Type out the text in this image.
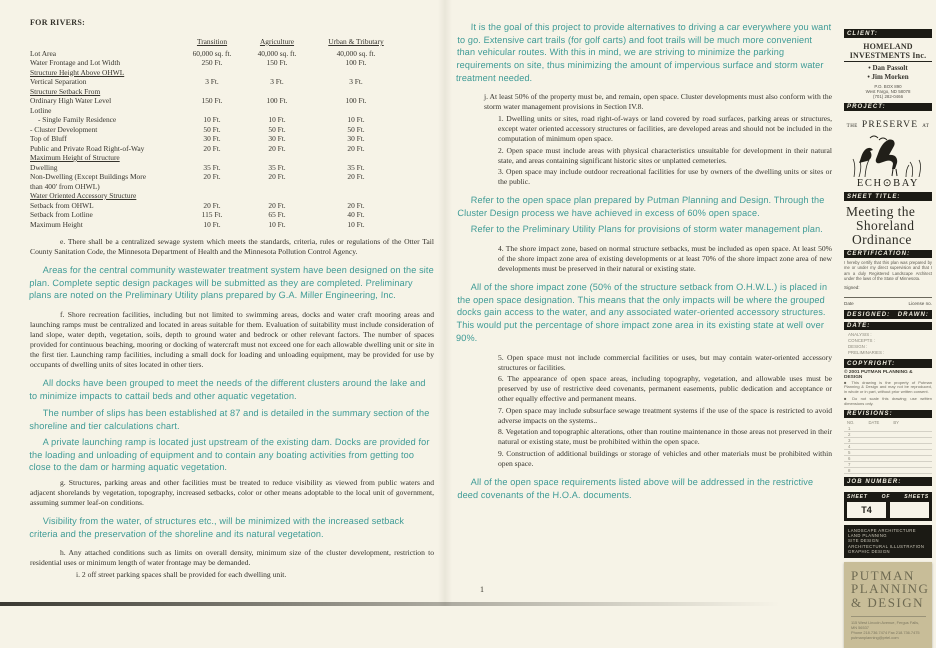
FOR RIVERS:
Transition	Agriculture	Urban & Tributary
Lot Area	60,000 sq. ft.	40,000 sq. ft.	40,000 sq. ft.
Water Frontage and Lot Width	250 Ft.	150 Ft.	100 Ft.
Structure Height Above OHWL
Vertical Separation	3 Ft.	3 Ft.	3 Ft.
Structure Setback From
Ordinary High Water Level	150 Ft.	100 Ft.	100 Ft.
Lotline
- Single Family Residence	10 Ft.	10 Ft.	10 Ft.
- Cluster Development	50 Ft.	50 Ft.	50 Ft.
Top of Bluff	30 Ft.	30 Ft.	30 Ft.
Public and Private Road Right-of-Way	20 Ft.	20 Ft.	20 Ft.
Maximum Height of Structure
Dwelling	35 Ft.	35 Ft.	35 Ft.
Non-Dwelling (Except Buildings More	20 Ft.	20 Ft.	20 Ft.
than 400' from OHWL)
Water Oriented Accessory Structure
Setback from OHWL	20 Ft.	20 Ft.	20 Ft.
Setback from Lotline	115 Ft.	65 Ft.	40 Ft.
Maximum Height	10 Ft.	10 Ft.	10 Ft.

e. There shall be a centralized sewage system which meets the standards, criteria, rules or regulations of the Otter Tail County Sanitation Code, the Minnesota Department of Health and the Minnesota Pollution Control Agency.

Areas for the central community wastewater treatment system have been designed on the site plan. Complete septic design packages will be submitted as they are completed. Preliminary plans are noted on the Preliminary Utility plans prepared by G.A. Miller Engineering, Inc.

f. Shore recreation facilities, including but not limited to swimming areas, docks and water craft mooring areas and launching ramps must be centralized and located in areas suitable for them. Evaluation of suitability must include consideration of land slope, water depth, vegetation, soils, depth to ground water and bedrock or other relevant factors. The number of spaces provided for continuous beaching, mooring or docking of watercraft must not exceed one for each allowable dwelling unit or site in the first tier. Launching ramp facilities, including a small dock for loading and unloading equipment, may be provided for use by occupants of dwelling units of sites located in other tiers.

All docks have been grouped to meet the needs of the different clusters around the lake and to minimize impacts to cattail beds and other aquatic vegetation.

The number of slips has been established at 87 and is detailed in the summary section of the shoreline and tier calculations chart.

A private launching ramp is located just upstream of the existing dam. Docks are provided for the loading and unloading of equipment and to contain any boating activities from getting too close to the dam or harming aquatic vegetation.

g. Structures, parking areas and other facilities must be treated to reduce visibility as viewed from public waters and adjacent shorelands by vegetation, topography, increased setbacks, color or other means adoptable to the local unit of government, assuming summer leaf-on conditions.

Visibility from the water, of structures etc., will be minimized with the increased setback criteria and the preservation of the shoreline and its natural vegetation.

h. Any attached conditions such as limits on overall density, minimum size of the cluster development, restriction to residential uses or minimum length of water frontage may be demanded.

i. 2 off street parking spaces shall be provided for each dwelling unit.

It is the goal of this project to provide alternatives to driving a car everywhere you want to go. Extensive cart trails (for golf carts) and foot trails will be much more convenient than vehicular routes. With this in mind, we are striving to minimize the parking requirements on site, thus minimizing the amount of impervious surface and storm water treatment needed.

j. At least 50% of the property must be, and remain, open space. Cluster developments must also conform with the storm water management provisions in Section IV.8.

1. Dwelling units or sites, road right-of-ways or land covered by road surfaces, parking areas or structures, except water oriented accessory structures or facilities, are developed areas and should not be included in the computation of minimum open space.

2. Open space must include areas with physical characteristics unsuitable for development in their natural state, and areas containing significant historic sites or unplatted cemeteries.

3. Open space may include outdoor recreational facilities for use by owners of the dwelling units or sites or the public.

Refer to the open space plan prepared by Putman Planning and Design. Through the Cluster Design process we have achieved in excess of 60% open space.

Refer to the Preliminary Utility Plans for provisions of storm water management plan.

4. The shore impact zone, based on normal structure setbacks, must be included as open space. At least 50% of the shore impact zone area of existing developments or at least 70% of the shore impact zone area of new developments must be preserved in their natural or existing state.

All of the shore impact zone (50% of the structure setback from O.H.W.L.) is placed in the open space designation. This means that the only impacts will be where the grouped docks gain access to the water, and any associated water-oriented accessory structures. This would put the percentage of shore impact zone area in its existing state at well over 90%.

5. Open space must not include commercial facilities or uses, but may contain water-oriented accessory structures or facilities.

6. The appearance of open space areas, including topography, vegetation, and allowable uses must be preserved by use of restrictive deed covenants, permanent easements, public dedication and acceptance or other equally effective and permanent means.

7. Open space may include subsurface sewage treatment systems if the use of the space is restricted to avoid adverse impacts on the systems..

8. Vegetation and topographic alterations, other than routine maintenance in those areas not preserved in their natural or existing state, must be prohibited within the open space.

9. Construction of additional buildings or storage of vehicles and other materials must be prohibited within open space.

All of the open space requirements listed above will be addressed in the restrictive deed covenants of the H.O.A. documents.

1
CLIENT:
HOMELAND INVESTMENTS Inc.
• Dan Passolt
• Jim Morken
P.O. BOX 890
West Fargo, ND 58078
(701) 282-0466
PROJECT:
THE PRESERVE AT
ECH⊙BAY
SHEET TITLE:
Meeting the
Shoreland
Ordinance
CERTIFICATION:
I hereby certify that this plan was prepared by me or under my direct supervision and that I am a duly Registered Landscape Architect under the laws of the State of Minnesota.
Signed:
Date	License no.
DESIGNED: DRAWN:
DATE:
ANALYSIS :
CONCEPTS :
DESIGN :
PRELIMINARIES :
COPYRIGHT:
© 2001 PUTMAN PLANNING & DESIGN
■ This drawing is the property of Putman Planning & Design and may not be reproduced, in whole or in part, without prior written consent.
■ Do not scale this drawing; use written dimensions only.
REVISIONS:
NO.	DATE	BY
1
2
3
4
5
6
7
8
JOB NUMBER:
SHEET	OF	SHEETS
T4
LANDSCAPE ARCHITECTURE
LAND PLANNING
SITE DESIGN
ARCHITECTURAL ILLUSTRATION
GRAPHIC DESIGN
PUTMAN
PLANNING
& DESIGN
115 West Lincoln Avenue, Fergus Falls, MN 56537
Phone 218.736.7474 Fax 218.736.7475
putmanplanning@prtel.com
